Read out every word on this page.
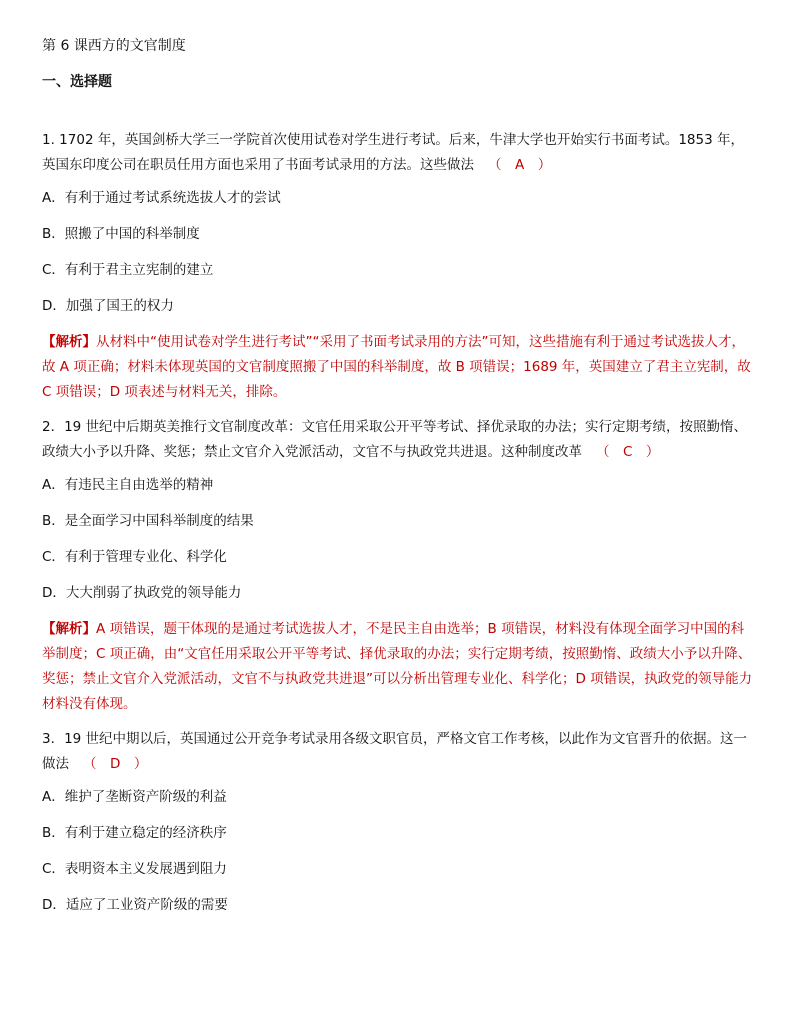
第 6 课西方的文官制度
一、选择题
1. 1702 年，英国剑桥大学三一学院首次使用试卷对学生进行考试。后来，牛津大学也开始实行书面考试。1853 年，英国东印度公司在职员任用方面也采用了书面考试录用的方法。这些做法 （　A　）
A．有利于通过考试系统选拔人才的尝试
B．照搬了中国的科举制度
C．有利于君主立宪制的建立
D．加强了国王的权力
【解析】从材料中“使用试卷对学生进行考试”“采用了书面考试录用的方法”可知，这些措施有利于通过考试选拔人才，故 A 项正确；材料未体现英国的文官制度照搬了中国的科举制度，故 B 项错误；1689 年，英国建立了君主立宪制，故 C 项错误；D 项表述与材料无关，排除。
2．19 世纪中后期英美推行文官制度改革：文官任用采取公开平等考试、择优录取的办法；实行定期考绩，按照勤惰、政绩大小予以升降、奖惩；禁止文官介入党派活动，文官不与执政党共进退。这种制度改革 （　C　）
A．有违民主自由选举的精神
B．是全面学习中国科举制度的结果
C．有利于管理专业化、科学化
D．大大削弱了执政党的领导能力
【解析】A 项错误，题干体现的是通过考试选拔人才，不是民主自由选举；B 项错误，材料没有体现全面学习中国的科举制度；C 项正确，由“文官任用采取公开平等考试、择优录取的办法；实行定期考绩，按照勤惰、政绩大小予以升降、奖惩；禁止文官介入党派活动，文官不与执政党共进退”可以分析出管理专业化、科学化；D 项错误，执政党的领导能力材料没有体现。
3．19 世纪中期以后，英国通过公开竞争考试录用各级文职官员，严格文官工作考核，以此作为文官晋升的依据。这一做法 （　D　）
A．维护了垄断资产阶级的利益
B．有利于建立稳定的经济秩序
C．表明资本主义发展遇到阻力
D．适应了工业资产阶级的需要
